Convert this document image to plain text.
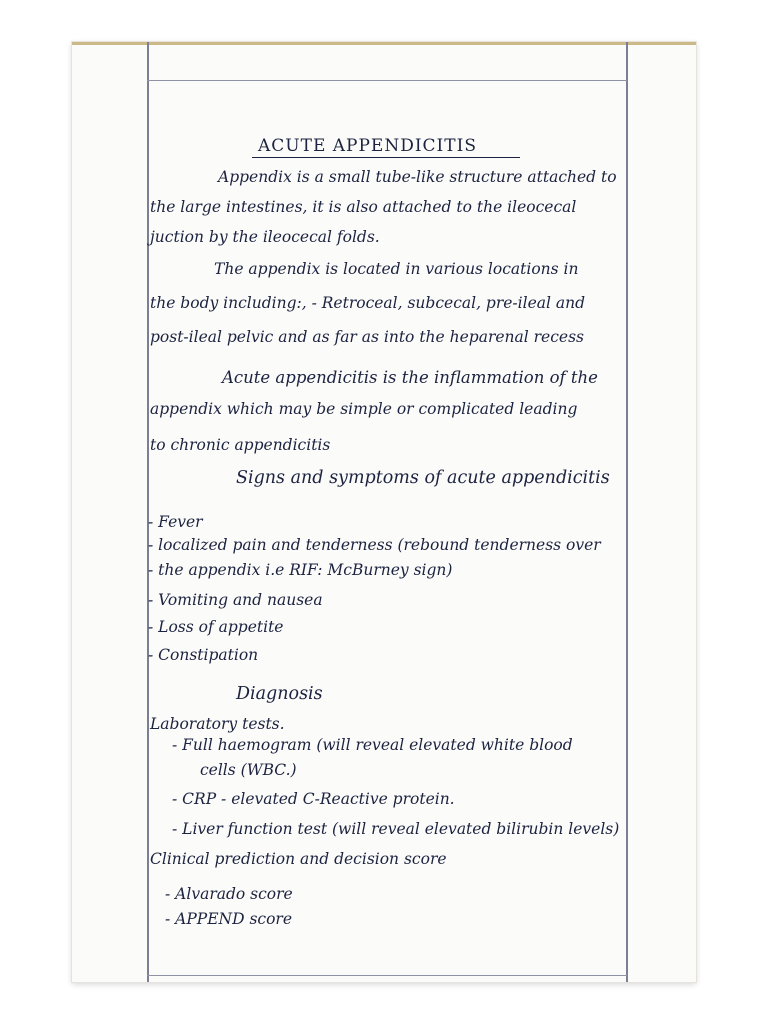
ACUTE APPENDICITIS
Appendix is a small tube-like structure attached to
the large intestines, it is also attached to the ileocecal
juction by the ileocecal folds.
The appendix is located in various locations in
the body including:, - Retroceal, subcecal, pre-ileal and
post-ileal pelvic and as far as into the heparenal recess
Acute appendicitis is the inflammation of the
appendix which may be simple or complicated leading
to chronic appendicitis
Signs and symptoms of acute appendicitis
- Fever
- localized pain and tenderness (rebound tenderness over
- the appendix i.e RIF: McBurney sign)
- Vomiting and nausea
- Loss of appetite
- Constipation
Diagnosis
Laboratory tests.
- Full haemogram (will reveal elevated white blood
cells (WBC.)
- CRP - elevated C-Reactive protein.
- Liver function test (will reveal elevated bilirubin levels)
Clinical prediction and decision score
- Alvarado score
- APPEND score
